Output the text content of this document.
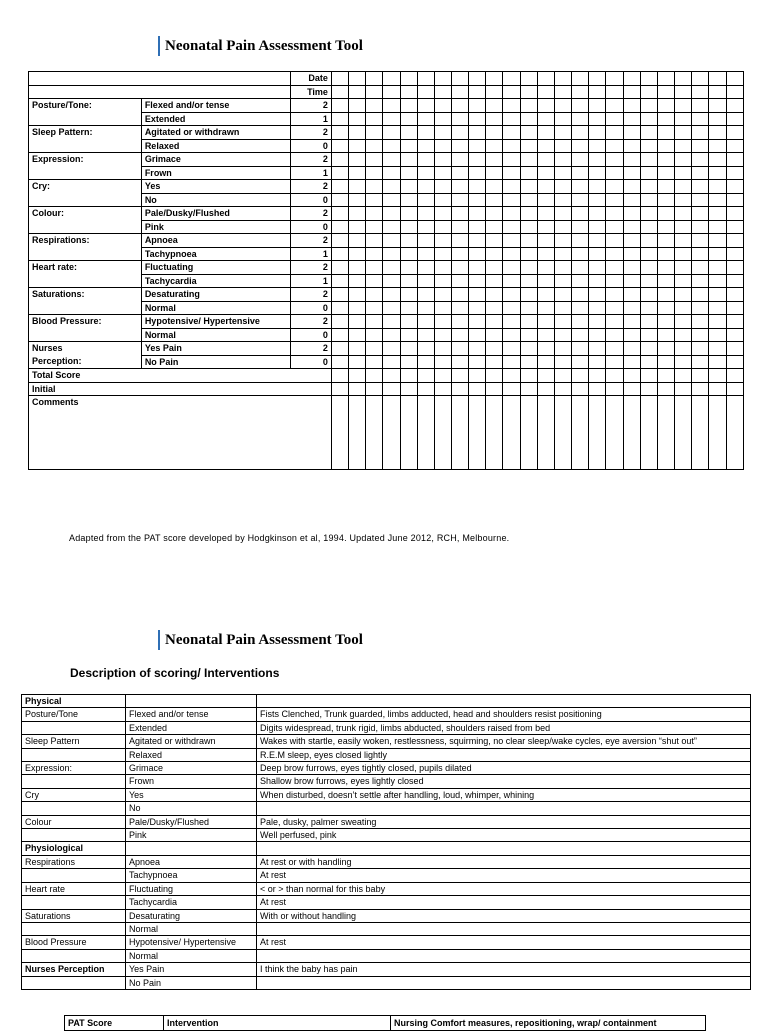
Neonatal Pain Assessment Tool
		Date																								
		Time																								
Posture/Tone:	Flexed and/or tense	2																								
	Extended	1																								
Sleep Pattern:	Agitated or withdrawn	2																								
	Relaxed	0																								
Expression:	Grimace	2																								
	Frown	1																								
Cry:	Yes	2																								
	No	0																								
Colour:	Pale/Dusky/Flushed	2																								
	Pink	0																								
Respirations:	Apnoea	2																								
	Tachypnoea	1																								
Heart rate:	Fluctuating	2																								
	Tachycardia	1																								
Saturations:	Desaturating	2																								
	Normal	0																								
Blood Pressure:	Hypotensive/ Hypertensive	2																								
	Normal	0																								
Nurses	Yes Pain	2																								
Perception:	No Pain	0																								
Total Score																										
Initial																										
Comments																										
Adapted from the PAT score developed by Hodgkinson et al, 1994. Updated June 2012, RCH, Melbourne.
Neonatal Pain Assessment Tool
Description of scoring/ Interventions
Physical		
Posture/Tone	Flexed and/or tense	Fists Clenched, Trunk guarded, limbs adducted, head and shoulders resist positioning
	Extended	Digits widespread, trunk rigid, limbs abducted, shoulders raised from bed
Sleep Pattern	Agitated or withdrawn	Wakes with startle, easily woken, restlessness, squirming, no clear sleep/wake cycles, eye aversion “shut out”
	Relaxed	R.E.M sleep, eyes closed lightly
Expression:	Grimace	Deep brow furrows, eyes tightly closed, pupils dilated
	Frown	Shallow brow furrows, eyes lightly closed
Cry	Yes	When disturbed, doesn’t settle after handling, loud, whimper, whining
	No	
Colour	Pale/Dusky/Flushed	Pale, dusky, palmer sweating
	Pink	Well perfused, pink
Physiological		
Respirations	Apnoea	At rest or with handling
	Tachypnoea	At rest
Heart rate	Fluctuating	< or > than normal for this baby
	Tachycardia	At rest
Saturations	Desaturating	With or without handling
	Normal	
Blood Pressure	Hypotensive/ Hypertensive	At rest
	Normal	
Nurses Perception	Yes Pain	I think the baby has pain
	No Pain	
PAT Score	Intervention	Nursing Comfort measures, repositioning, wrap/ containment
